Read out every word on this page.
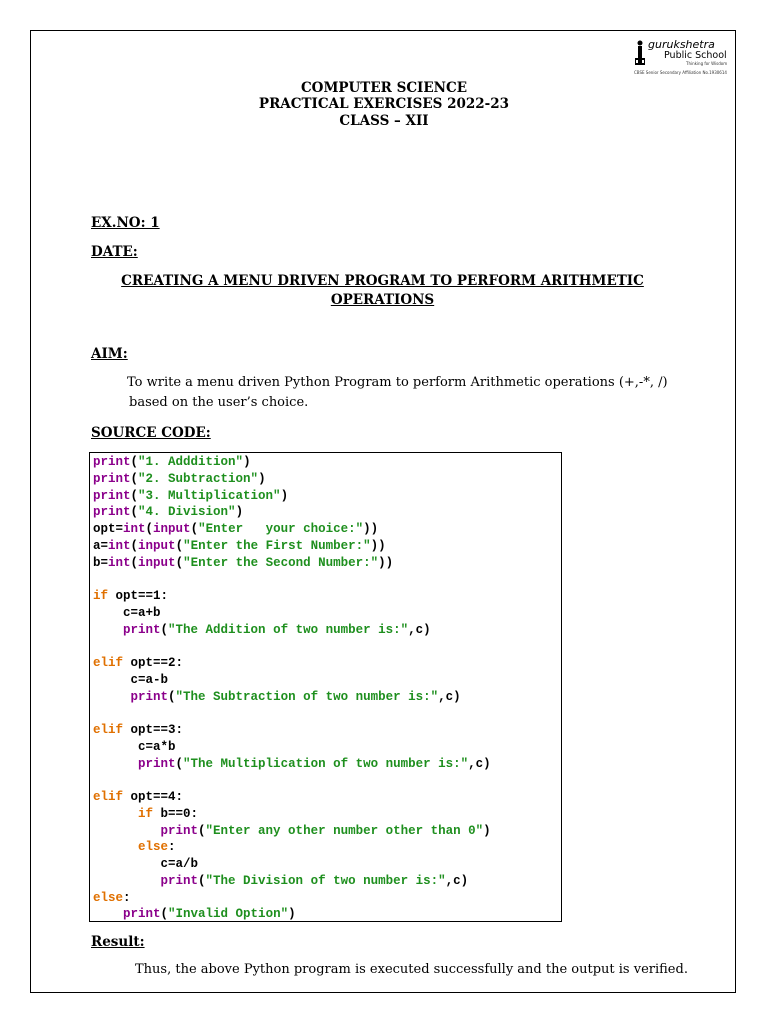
gurukshetra
Public School
Thinking for Wisdom
CBSE Senior Secondary Affiliation No.1930614
COMPUTER SCIENCE
PRACTICAL EXERCISES 2022-23
CLASS – XII
EX.NO: 1
DATE:
CREATING A MENU DRIVEN PROGRAM TO PERFORM ARITHMETIC
OPERATIONS
AIM:
To write a menu driven Python Program to perform Arithmetic operations (+,-*, /)
based on the user’s choice.
SOURCE CODE:
print("1. Adddition")
print("2. Subtraction")
print("3. Multiplication")
print("4. Division")
opt=int(input("Enter   your choice:"))
a=int(input("Enter the First Number:"))
b=int(input("Enter the Second Number:"))
if opt==1:
c=a+b
print("The Addition of two number is:",c)
elif opt==2:
c=a-b
print("The Subtraction of two number is:",c)
elif opt==3:
c=a*b
print("The Multiplication of two number is:",c)
elif opt==4:
if b==0:
print("Enter any other number other than 0")
else:
c=a/b
print("The Division of two number is:",c)
else:
print("Invalid Option")
Result:
Thus, the above Python program is executed successfully and the output is verified.
